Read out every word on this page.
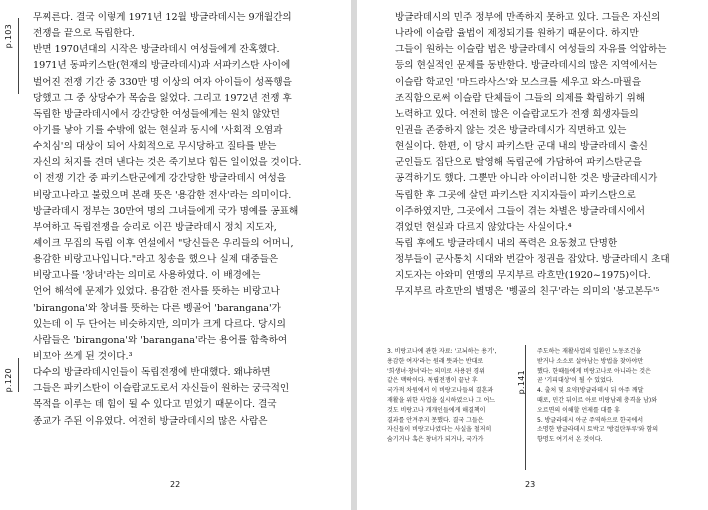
p.103
p.120
무찌른다. 결국 이렇게 1971년 12월 방글라데시는 9개월간의
전쟁을 끝으로 독립한다.
반면 1970년대의 시작은 방글라데시 여성들에게 잔혹했다.
1971년 동파키스탄(현재의 방글라데시)과 서파키스탄 사이에
벌어진 전쟁 기간 중 330만 명 이상의 여자 아이들이 성폭행을
당했고 그 중 상당수가 목숨을 잃었다. 그리고 1972년 전쟁 후
독립한 방글라데시에서 강간당한 여성들에게는 원치 않았던
아기를 낳아 기를 수밖에 없는 현실과 동시에 '사회적 오염과
수치심'의 대상이 되어 사회적으로 무시당하고 질타를 받는
자신의 처지를 견뎌 낸다는 것은 죽기보다 힘든 일이었을 것이다.
이 전쟁 기간 중 파키스탄군에게 강간당한 방글라데시 여성을
비랑고나라고 불렀으며 본래 뜻은 '용감한 전사'라는 의미이다.
방글라데시 정부는 30만여 명의 그녀들에게 국가 명예를 공표해
부여하고 독립전쟁을 승리로 이끈 방글라데시 정치 지도자,
셰이크 무집의 독립 이후 연설에서 "당신들은 우리들의 어머니,
용감한 비랑고나입니다."라고 칭송을 했으나 실제 대중들은
비랑고나를 '창녀'라는 의미로 사용하였다. 이 배경에는
언어 해석에 문제가 있었다. 용감한 전사를 뜻하는 비랑고나
'birangona'와 창녀를 뜻하는 다른 벵골어 'barangana'가
있는데 이 두 단어는 비슷하지만, 의미가 크게 다르다. 당시의
사람들은 'birangona'와 'barangana'라는 용어를 함축하여
비꼬아 쓰게 된 것이다.³
다수의 방글라데시인들이 독립전쟁에 반대했다. 왜냐하면
그들은 파키스탄이 이슬람교도로서 자신들이 원하는 궁극적인
목적을 이루는 데 힘이 될 수 있다고 믿었기 때문이다. 결국
종교가 주된 이유였다. 여전히 방글라데시의 많은 사람은
22
p.141
방글라데시의 민주 정부에 만족하지 못하고 있다. 그들은 자신의
나라에 이슬람 율법이 제정되기를 원하기 때문이다. 하지만
그들이 원하는 이슬람 법은 방글라데시 여성들의 자유를 억압하는
등의 현실적인 문제를 동반한다. 방글라데시의 많은 지역에서는
이슬람 학교인 '마드라사스'와 모스크를 세우고 와스-마필을
조직함으로써 이슬람 단체들이 그들의 의제를 확립하기 위해
노력하고 있다. 여전히 많은 이슬람교도가 전쟁 희생자들의
인권을 존중하지 않는 것은 방글라데시가 직면하고 있는
현실이다. 한편, 이 당시 파키스탄 군대 내의 방글라데시 출신
군인들도 집단으로 탈영해 독립군에 가담하여 파키스탄군을
공격하기도 했다. 그뿐만 아니라 아이러니한 것은 방글라데시가
독립한 후 그곳에 살던 파키스탄 지지자들이 파키스탄으로
이주하였지만, 그곳에서 그들이 겪는 차별은 방글라데시에서
겪었던 현실과 다르지 않았다는 사실이다.⁴
독립 후에도 방글라데시 내의 폭력은 요동쳤고 단명한
정부들이 군사통치 시대와 번갈아 정권을 잡았다. 방글라데시 초대
지도자는 아와미 연맹의 무지부르 라흐만(1920~1975)이다.
무지부르 라흐만의 별명은 '벵골의 친구'라는 의미의 '봉고본두'⁵
3. 비랑고나에 관한 자료: '고뇌하는 용기',
용감한 여자'라는 원래 뜻과는 반대로
'희생녀·창녀'라는 의미로 사용된 경위
같은 맥락이다. 독립전쟁이 끝난 후
국가적 차원에서 이 비랑고나들의 결혼과
재활을 위한 사업을 실시하였으나 그 어느
것도 비랑고나 개개인들에게 해결책이
결과를 안겨주지 못했다. 결국 그들은
자신들이 비랑고나였다는 사실을 철저히
숨기거나 혹은 창녀가 되거나, 국가가
주도하는 재활사업의 일환인 노동조건을
받거나 소소로 살아남는 방법을 찾아야만
했다. 한때들에게 비랑고나로 아니라는 것은
곧 '기피대상'이 될 수 있었다.
4. 출처 및 요약(방글라데시 뒤 아주 깨달
때로, 민간 뒤이르 아로 비랑남레 충격을 남)와
오르면의 이해할 언제를 대를 휴
5. 방글라데시 아군 주역하으로 한국에서
소명한 방글라데시 토박고 '방걸탄투루'와 함의
항명도 여기서 온 것이다.
23
